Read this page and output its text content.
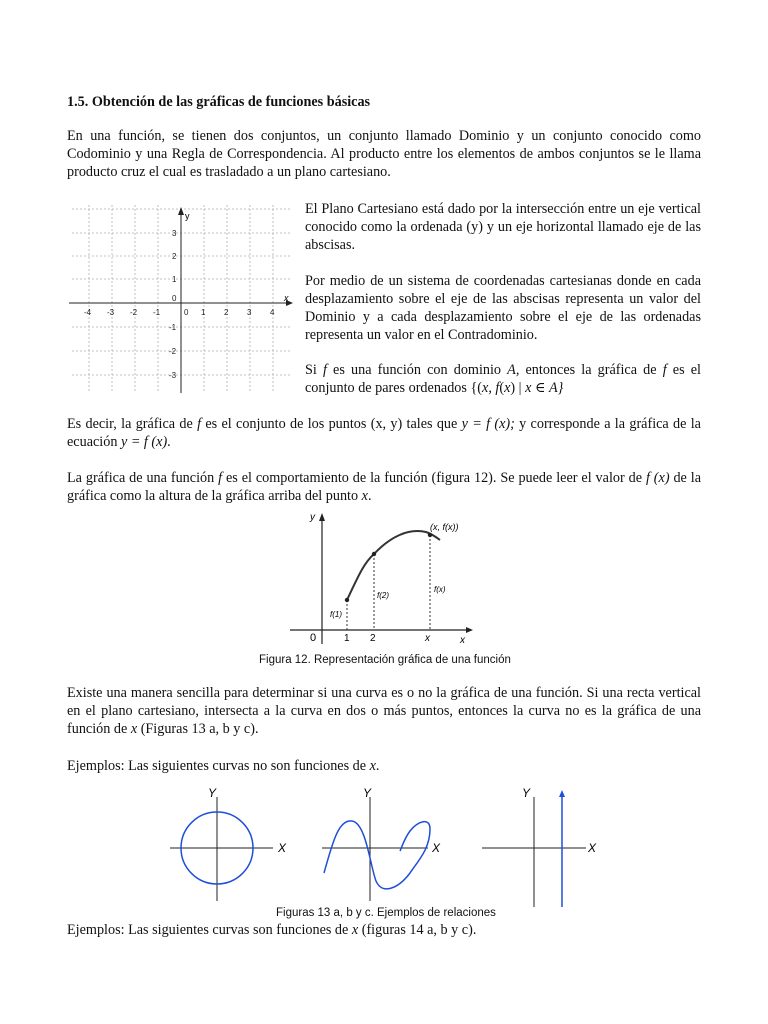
1.5. Obtención de las gráficas de funciones básicas

En una función, se tienen dos conjuntos, un conjunto llamado Dominio y un conjunto conocido como Codominio y una Regla de Correspondencia. Al producto entre los elementos de ambos conjuntos se le llama producto cruz el cual es trasladado a un plano cartesiano.

x
y
-4 -3 -2 -1	0 1 2 3 4
3
2
1
0
-1
-2
-3

El Plano Cartesiano está dado por la intersección entre un eje vertical conocido como la ordenada (y) y un eje horizontal llamado eje de las abscisas.

Por medio de un sistema de coordenadas cartesianas donde en cada desplazamiento sobre el eje de las abscisas representa un valor del Dominio y a cada desplazamiento sobre el eje de las ordenadas representa un valor en el Contradominio.

Si f es una función con dominio A, entonces la gráfica de f es el conjunto de pares ordenados {(x, f(x) | x ∈ A}

Es decir, la gráfica de f es el conjunto de los puntos (x, y) tales que y = f (x); y corresponde a la gráfica de la ecuación y = f (x).

La gráfica de una función f es el comportamiento de la función (figura 12). Se puede leer el valor de f (x) de la gráfica como la altura de la gráfica arriba del punto x.

y
x
0	1 2	x
(x, f(x))
f(1)
f(2)
f(x)

Figura 12. Representación gráfica de una función

Existe una manera sencilla para determinar si una curva es o no la gráfica de una función. Si una recta vertical en el plano cartesiano, intersecta a la curva en dos o más puntos, entonces la curva no es la gráfica de una función de x (Figuras 13 a, b y c).

Ejemplos: Las siguientes curvas no son funciones de x.

X
Y
X
Y
X
Y

Figuras 13 a, b y c. Ejemplos de relaciones

Ejemplos: Las siguientes curvas son funciones de x (figuras 14 a, b y c).
